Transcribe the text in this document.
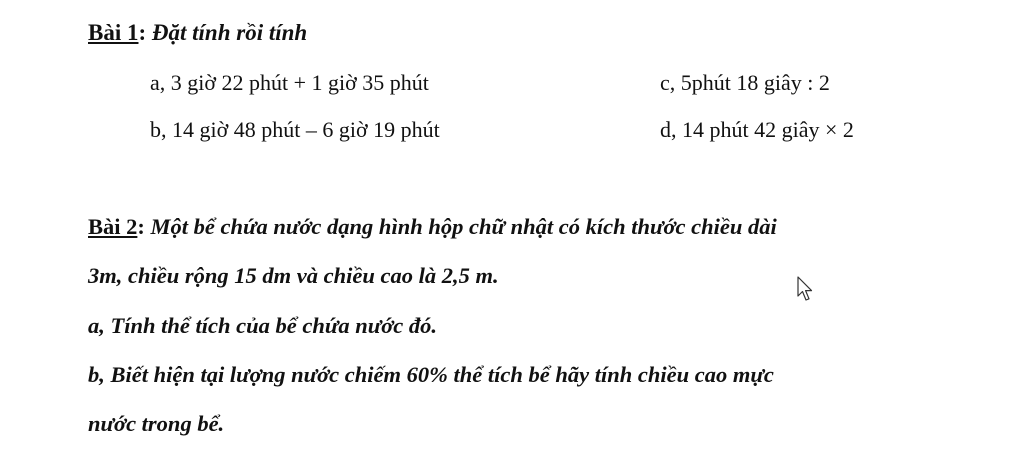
Bài 1: Đặt tính rồi tính
a, 3 giờ 22 phút + 1 giờ 35 phút	c, 5phút 18 giây : 2
b, 14 giờ 48 phút – 6 giờ 19 phút	d, 14 phút 42 giây × 2
Bài 2: Một bể chứa nước dạng hình hộp chữ nhật có kích thước chiều dài
3m, chiều rộng 15 dm và chiều cao là 2,5 m.
a, Tính thể tích của bể chứa nước đó.
b, Biết hiện tại lượng nước chiếm 60% thể tích bể hãy tính chiều cao mực
nước trong bể.
